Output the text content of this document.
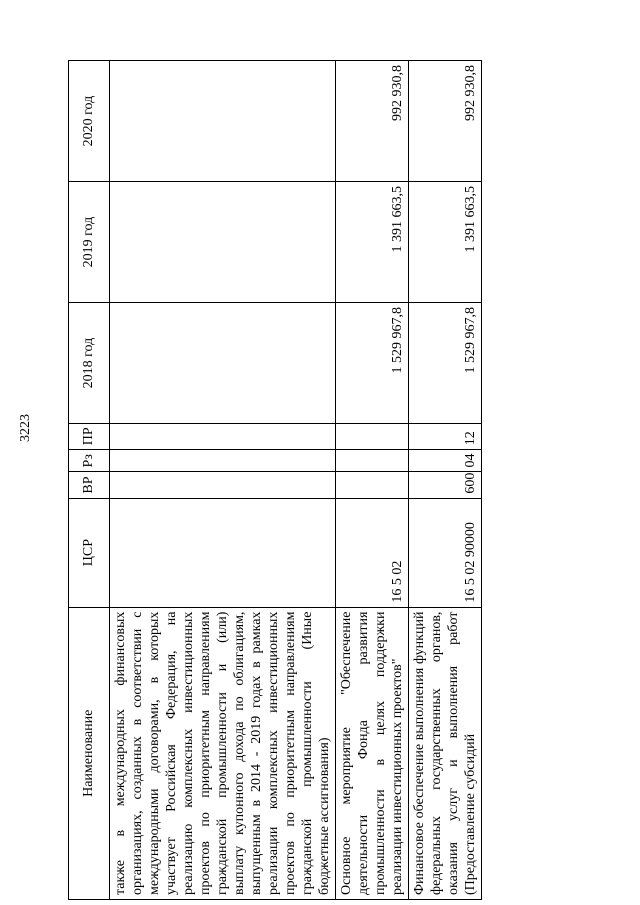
3223
Наименование	ЦСР	ВР	Рз	ПР	2018 год	2019 год	2020 год
также в международных финансовых организациях, созданных в соответствии с международными договорами, в которых участвует Российская Федерация, на реализацию комплексных инвестиционных проектов по приоритетным направлениям гражданской промышленности и (или) выплату купонного дохода по облигациям, выпущенным в 2014 - 2019 годах в рамках реализации комплексных инвестиционных проектов по приоритетным направлениям гражданской промышленности (Иные бюджетные ассигнования)							
Основное мероприятие "Обеспечение деятельности Фонда развития промышленности в целях поддержки реализации инвестиционных проектов"	16 5 02				1 529 967,8	1 391 663,5	992 930,8
Финансовое обеспечение выполнения функций федеральных государственных органов, оказания услуг и выполнения работ (Предоставление субсидий	16 5 02 90000	600	04	12	1 529 967,8	1 391 663,5	992 930,8
